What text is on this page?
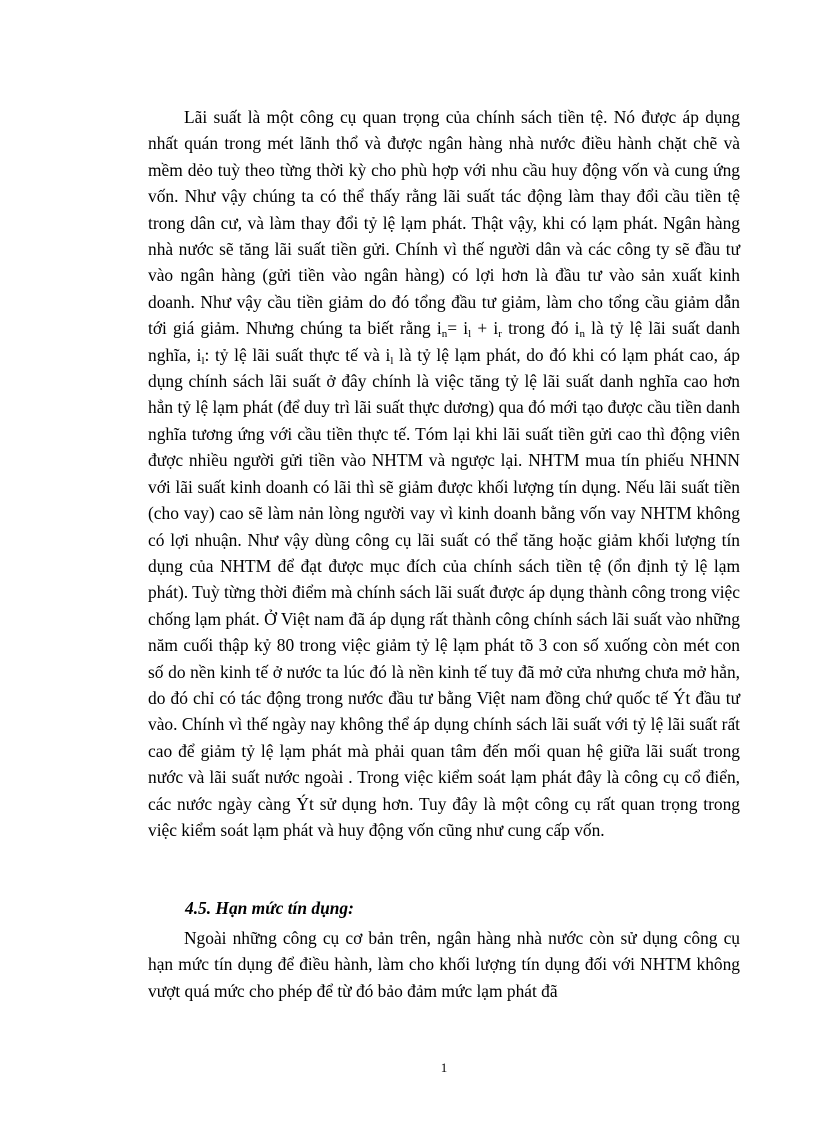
Lãi suất là một công cụ quan trọng của chính sách tiền tệ. Nó được áp dụng nhất quán trong mét lãnh thổ và được ngân hàng nhà nước điều hành chặt chẽ và mềm dẻo tuỳ theo từng thời kỳ cho phù hợp với nhu cầu huy động vốn và cung ứng vốn. Như vậy chúng ta có thể thấy rằng lãi suất tác động làm thay đổi cầu tiền tệ trong dân cư, và làm thay đổi tỷ lệ lạm phát. Thật vậy, khi có lạm phát. Ngân hàng nhà nước sẽ tăng lãi suất tiền gửi. Chính vì thế người dân và các công ty sẽ đầu tư vào ngân hàng (gửi tiền vào ngân hàng) có lợi hơn là đầu tư vào sản xuất kinh doanh. Như vậy cầu tiền giảm do đó tổng đầu tư giảm, làm cho tổng cầu giảm dẫn tới giá giảm. Nhưng chúng ta biết rằng $i_n= i_l + i_r$ trong đó $i_n$ là tỷ lệ lãi suất danh nghĩa, $i_l$: tỷ lệ lãi suất thực tế và $i_l$ là tỷ lệ lạm phát, do đó khi có lạm phát cao, áp dụng chính sách lãi suất ở đây chính là việc tăng tỷ lệ lãi suất danh nghĩa cao hơn hẳn tỷ lệ lạm phát (để duy trì lãi suất thực dương) qua đó mới tạo được cầu tiền danh nghĩa tương ứng với cầu tiền thực tế. Tóm lại khi lãi suất tiền gửi cao thì động viên được nhiều người gửi tiền vào NHTM và ngược lại. NHTM mua tín phiếu NHNN với lãi suất kinh doanh có lãi thì sẽ giảm được khối lượng tín dụng. Nếu lãi suất tiền (cho vay) cao sẽ làm nản lòng người vay vì kinh doanh bằng vốn vay NHTM không có lợi nhuận. Như vậy dùng công cụ lãi suất có thể tăng hoặc giảm khối lượng tín dụng của NHTM để đạt được mục đích của chính sách tiền tệ (ổn định tỷ lệ lạm phát). Tuỳ từng thời điểm mà chính sách lãi suất được áp dụng thành công trong việc chống lạm phát. Ở Việt nam đã áp dụng rất thành công chính sách lãi suất vào những năm cuối thập kỷ 80 trong việc giảm tỷ lệ lạm phát tõ 3 con số xuống còn mét con số do nền kinh tế ở nước ta lúc đó là nền kinh tế tuy đã mở cửa nhưng chưa mở hẳn, do đó chỉ có tác động trong nước đầu tư bằng Việt nam đồng chứ quốc tế Ýt đầu tư vào. Chính vì thế ngày nay không thể áp dụng chính sách lãi suất với tỷ lệ lãi suất rất cao để giảm tỷ lệ lạm phát mà phải quan tâm đến mối quan hệ giữa lãi suất trong nước và lãi suất nước ngoài . Trong việc kiểm soát lạm phát đây là công cụ cổ điển, các nước ngày càng Ýt sử dụng hơn. Tuy đây là một công cụ rất quan trọng trong việc kiểm soát lạm phát và huy động vốn cũng như cung cấp vốn.

4.5. Hạn mức tín dụng:

Ngoài những công cụ cơ bản trên, ngân hàng nhà nước còn sử dụng công cụ hạn mức tín dụng để điều hành, làm cho khối lượng tín dụng đối với NHTM không vượt quá mức cho phép để từ đó bảo đảm mức lạm phát đã

1
